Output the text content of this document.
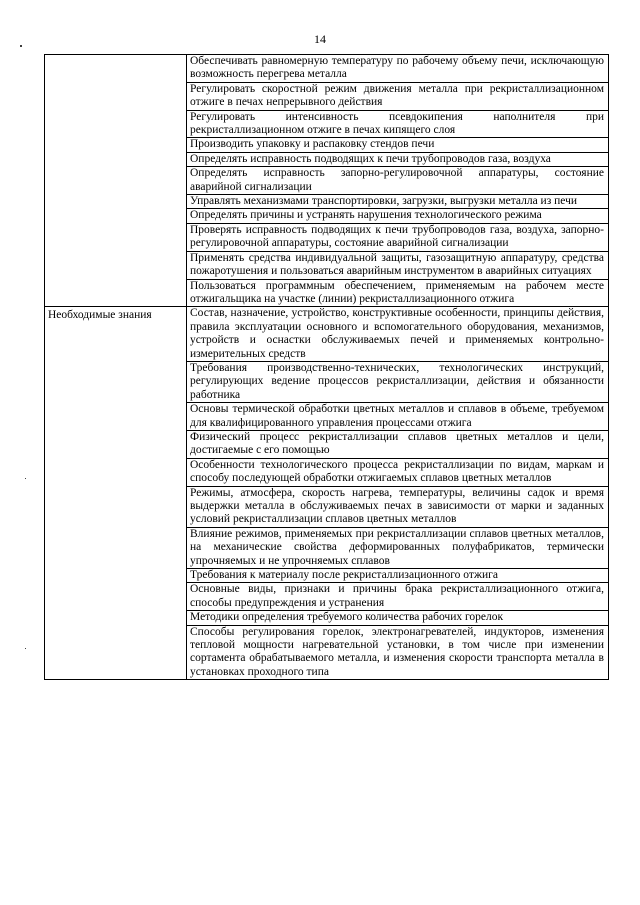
14
	Обеспечивать равномерную температуру по рабочему объему печи, исключающую возможность перегрева металла
	Регулировать скоростной режим движения металла при рекристаллизационном отжиге в печах непрерывного действия
	Регулировать интенсивность псевдокипения наполнителя при рекристаллизационном отжиге в печах кипящего слоя
	Производить упаковку и распаковку стендов печи
	Определять исправность подводящих к печи трубопроводов газа, воздуха
	Определять исправность запорно-регулировочной аппаратуры, состояние аварийной сигнализации
	Управлять механизмами транспортировки, загрузки, выгрузки металла из печи
	Определять причины и устранять нарушения технологического режима
	Проверять исправность подводящих к печи трубопроводов газа, воздуха, запорно-регулировочной аппаратуры, состояние аварийной сигнализации
	Применять средства индивидуальной защиты, газозащитную аппаратуру, средства пожаротушения и пользоваться аварийным инструментом в аварийных ситуациях
	Пользоваться программным обеспечением, применяемым на рабочем месте отжигальщика на участке (линии) рекристаллизационного отжига

Необходимые знания	Состав, назначение, устройство, конструктивные особенности, принципы действия, правила эксплуатации основного и вспомогательного оборудования, механизмов, устройств и оснастки обслуживаемых печей и применяемых контрольно-измерительных средств
	Требования производственно-технических, технологических инструкций, регулирующих ведение процессов рекристаллизации, действия и обязанности работника
	Основы термической обработки цветных металлов и сплавов в объеме, требуемом для квалифицированного управления процессами отжига
	Физический процесс рекристаллизации сплавов цветных металлов и цели, достигаемые с его помощью
	Особенности технологического процесса рекристаллизации по видам, маркам и способу последующей обработки отжигаемых сплавов цветных металлов
	Режимы, атмосфера, скорость нагрева, температуры, величины садок и время выдержки металла в обслуживаемых печах в зависимости от марки и заданных условий рекристаллизации сплавов цветных металлов
	Влияние режимов, применяемых при рекристаллизации сплавов цветных металлов, на механические свойства деформированных полуфабрикатов, термически упрочняемых и не упрочняемых сплавов
	Требования к материалу после рекристаллизационного отжига
	Основные виды, признаки и причины брака рекристаллизационного отжига, способы предупреждения и устранения
	Методики определения требуемого количества рабочих горелок
	Способы регулирования горелок, электронагревателей, индукторов, изменения тепловой мощности нагревательной установки, в том числе при изменении сортамента обрабатываемого металла, и изменения скорости транспорта металла в установках проходного типа
